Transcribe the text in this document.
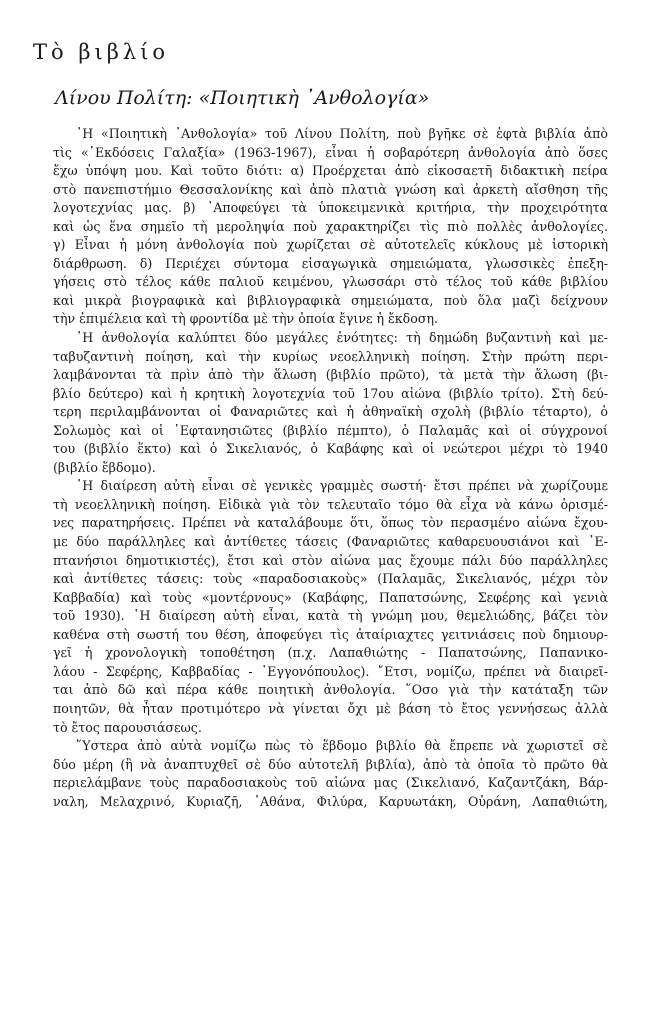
Τὸ βιβλίο
Λίνου Πολίτη: «Ποιητικὴ ᾽Ανθολογία»
᾽Η «Ποιητικὴ ᾽Ανθολογία» τοῦ Λίνου Πολίτη, ποὺ βγῆκε σὲ ἑφτὰ βιβλία ἀπὸ
τὶς «᾽Εκδόσεις Γαλαξία» (1963-1967), εἶναι ἡ σοβαρότερη ἀνθολογία ἀπὸ ὅσες
ἔχω ὑπόψη μου. Καὶ τοῦτο διότι: α) Προέρχεται ἀπὸ εἰκοσαετῆ διδακτικὴ πείρα
στὸ πανεπιστήμιο Θεσσαλονίκης καὶ ἀπὸ πλατιὰ γνώση καὶ ἀρκετὴ αἴσθηση τῆς
λογοτεχνίας μας. β) ᾽Αποφεύγει τὰ ὑποκειμενικὰ κριτήρια, τὴν προχειρότητα
καὶ ὡς ἕνα σημεῖο τὴ μεροληψία ποὺ χαρακτηρίζει τὶς πιὸ πολλὲς ἀνθολογίες.
γ) Εἶναι ἡ μόνη ἀνθολογία ποὺ χωρίζεται σὲ αὐτοτελεῖς κύκλους μὲ ἱστορικὴ
διάρθρωση. δ) Περιέχει σύντομα εἰσαγωγικὰ σημειώματα, γλωσσικὲς ἐπεξη-
γήσεις στὸ τέλος κάθε παλιοῦ κειμένου, γλωσσάρι στὸ τέλος τοῦ κάθε βιβλίου
καὶ μικρὰ βιογραφικὰ καὶ βιβλιογραφικὰ σημειώματα, ποὺ ὅλα μαζὶ δείχνουν
τὴν ἐπιμέλεια καὶ τὴ φροντίδα μὲ τὴν ὁποία ἔγινε ἡ ἔκδοση.
῾Η ἀνθολογία καλύπτει δύο μεγάλες ἑνότητες: τὴ δημώδη βυζαντινὴ καὶ με-
ταβυζαντινὴ ποίηση, καὶ τὴν κυρίως νεοελληνικὴ ποίηση. Στὴν πρώτη περι-
λαμβάνονται τὰ πρὶν ἀπὸ τὴν ἅλωση (βιβλίο πρῶτο), τὰ μετὰ τὴν ἅλωση (βι-
βλίο δεύτερο) καὶ ἡ κρητικὴ λογοτεχνία τοῦ 17ου αἰώνα (βιβλίο τρίτο). Στὴ δεύ-
τερη περιλαμβάνονται οἱ Φαναριῶτες καὶ ἡ ἀθηναϊκὴ σχολὴ (βιβλίο τέταρτο), ὁ
Σολωμὸς καὶ οἱ ᾽Εφτανησιῶτες (βιβλίο πέμπτο), ὁ Παλαμᾶς καὶ οἱ σύγχρονοί
του (βιβλίο ἕκτο) καὶ ὁ Σικελιανός, ὁ Καβάφης καὶ οἱ νεώτεροι μέχρι τὸ 1940
(βιβλίο ἕβδομο).
῾Η διαίρεση αὐτὴ εἶναι σὲ γενικὲς γραμμὲς σωστή· ἔτσι πρέπει νὰ χωρίζουμε
τὴ νεοελληνικὴ ποίηση. Εἰδικὰ γιὰ τὸν τελευταῖο τόμο θὰ εἶχα νὰ κάνω ὁρισμέ-
νες παρατηρήσεις. Πρέπει νὰ καταλάβουμε ὅτι, ὅπως τὸν περασμένο αἰώνα ἔχου-
με δύο παράλληλες καὶ ἀντίθετες τάσεις (Φαναριῶτες καθαρευουσιάνοι καὶ ᾽Ε-
πτανήσιοι δημοτικιστές), ἔτσι καὶ στὸν αἰώνα μας ἔχουμε πάλι δύο παράλληλες
καὶ ἀντίθετες τάσεις: τοὺς «παραδοσιακοὺς» (Παλαμᾶς, Σικελιανός, μέχρι τὸν
Καββαδία) καὶ τοὺς «μοντέρνους» (Καβάφης, Παπατσώνης, Σεφέρης καὶ γενιὰ
τοῦ 1930). ῾Η διαίρεση αὐτὴ εἶναι, κατὰ τὴ γνώμη μου, θεμελιώδης, βάζει τὸν
καθένα στὴ σωστή του θέση, ἀποφεύγει τὶς ἀταίριαχτες γειτνιάσεις ποὺ δημιουρ-
γεῖ ἡ χρονολογικὴ τοποθέτηση (π.χ. Λαπαθιώτης - Παπατσώνης, Παπανικο-
λάου - Σεφέρης, Καββαδίας - ᾽Εγγονόπουλος). ῎Ετσι, νομίζω, πρέπει νὰ διαιρεῖ-
ται ἀπὸ δῶ καὶ πέρα κάθε ποιητικὴ ἀνθολογία. ῞Οσο γιὰ τὴν κατάταξη τῶν
ποιητῶν, θὰ ἦταν προτιμότερο νὰ γίνεται ὄχι μὲ βάση τὸ ἔτος γεννήσεως ἀλλὰ
τὸ ἔτος παρουσιάσεως.
῞Υστερα ἀπὸ αὐτὰ νομίζω πὼς τὸ ἕβδομο βιβλίο θὰ ἔπρεπε νὰ χωριστεῖ σὲ
δύο μέρη (ἢ νὰ ἀναπτυχθεῖ σὲ δύο αὐτοτελῆ βιβλία), ἀπὸ τὰ ὁποῖα τὸ πρῶτο θὰ
περιελάμβανε τοὺς παραδοσιακοὺς τοῦ αἰώνα μας (Σικελιανό, Καζαντζάκη, Βάρ-
ναλη, Μελαχρινό, Κυριαζῆ, ᾽Αθάνα, Φιλύρα, Καρυωτάκη, Οὐράνη, Λαπαθιώτη,
